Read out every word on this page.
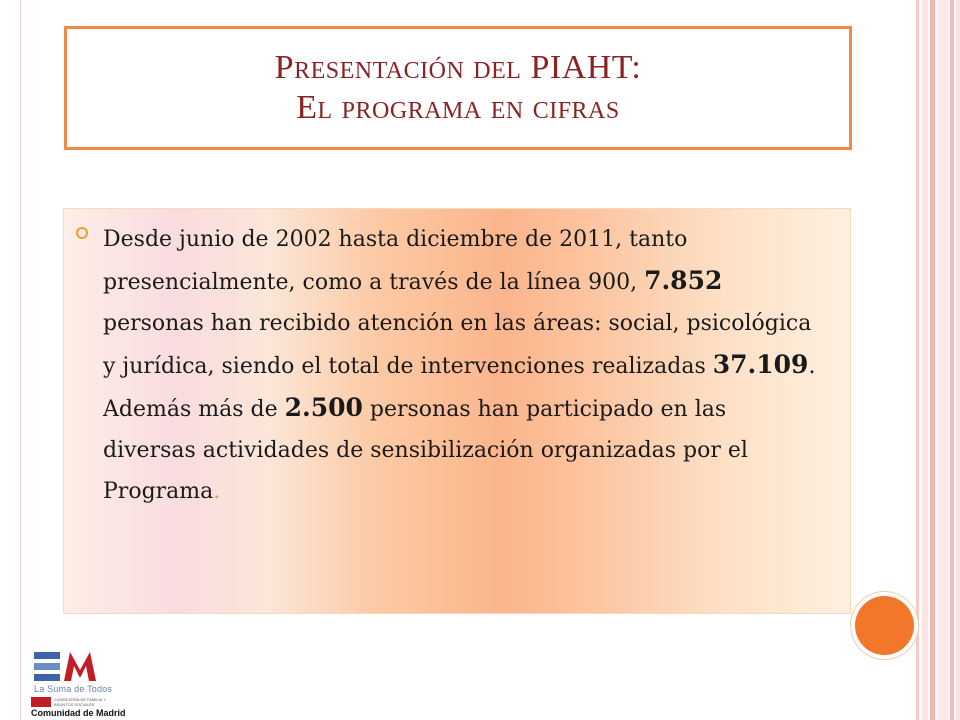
Presentación del PIAHT:
El programa en cifras
Desde junio de 2002 hasta diciembre de 2011, tanto presencialmente, como a través de la línea 900, 7.852 personas han recibido atención en las áreas: social, psicológica y jurídica, siendo el total de intervenciones realizadas 37.109. Además más de 2.500 personas han participado en las diversas actividades de sensibilización organizadas por el Programa.
La Suma de Todos
CONSEJERÍA DE FAMILIA Y ASUNTOS SOCIALES
Comunidad de Madrid
